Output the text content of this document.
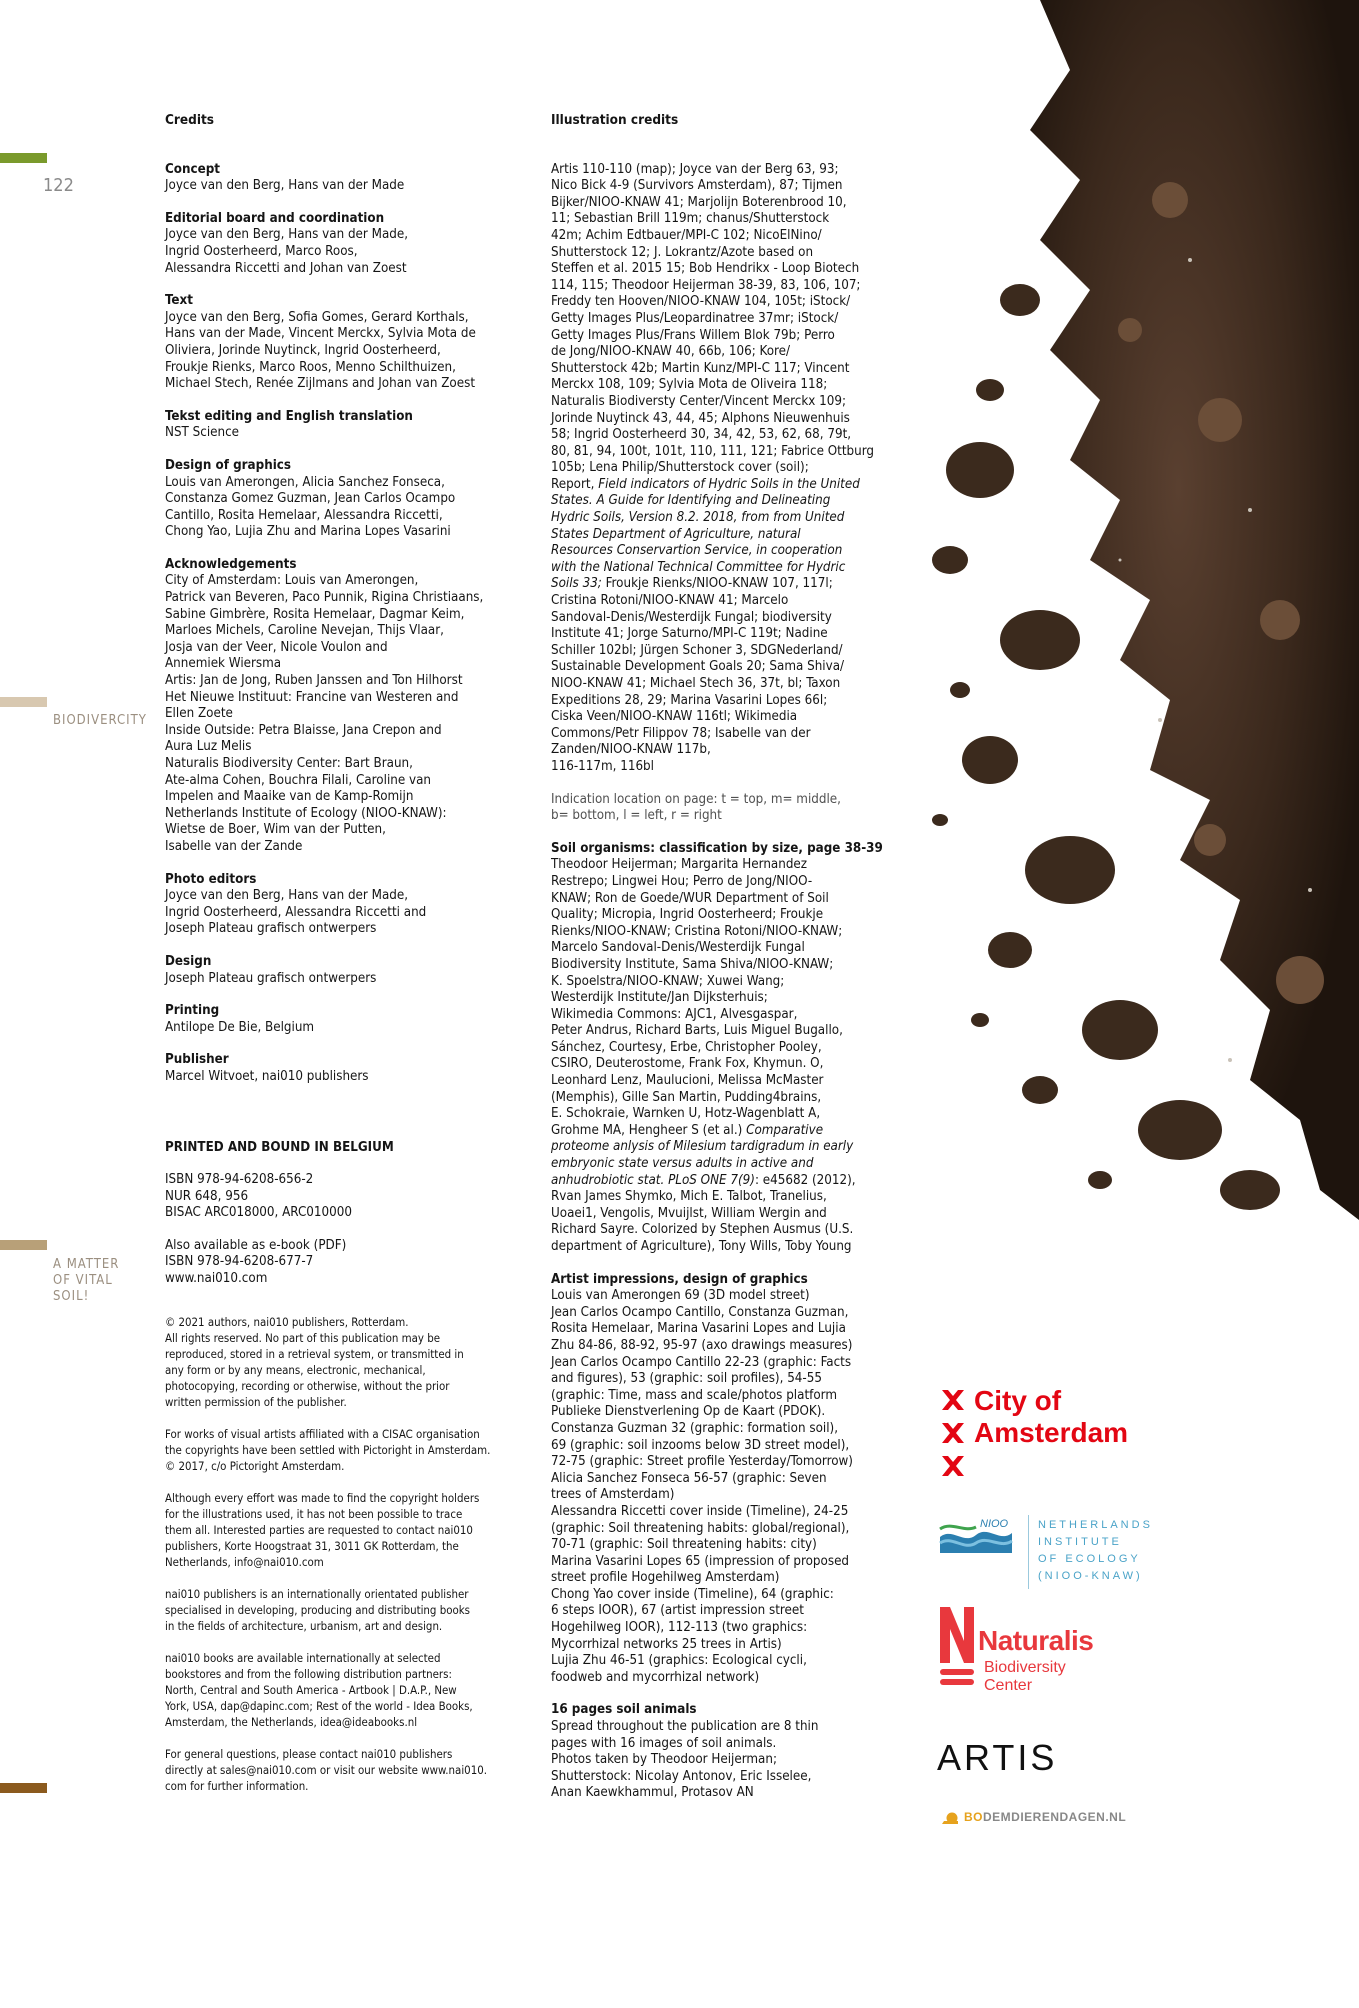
122
BIODIVERCITY
A MATTER
OF VITAL
SOIL!
Credits
Concept

Joyce van den Berg, Hans van der Made

Editorial board and coordination

Joyce van den Berg, Hans van der Made,
Ingrid Oosterheerd, Marco Roos,
Alessandra Riccetti and Johan van Zoest

Text

Joyce van den Berg, Sofia Gomes, Gerard Korthals,
Hans van der Made, Vincent Merckx, Sylvia Mota de
Oliviera, Jorinde Nuytinck, Ingrid Oosterheerd,
Froukje Rienks, Marco Roos, Menno Schilthuizen,
Michael Stech, Renée Zijlmans and Johan van Zoest

Tekst editing and English translation

NST Science

Design of graphics

Louis van Amerongen, Alicia Sanchez Fonseca,
Constanza Gomez Guzman, Jean Carlos Ocampo
Cantillo, Rosita Hemelaar, Alessandra Riccetti,
Chong Yao, Lujia Zhu and Marina Lopes Vasarini

Acknowledgements

City of Amsterdam: Louis van Amerongen,
Patrick van Beveren, Paco Punnik, Rigina Christiaans,
Sabine Gimbrère, Rosita Hemelaar, Dagmar Keim,
Marloes Michels, Caroline Nevejan, Thijs Vlaar,
Josja van der Veer, Nicole Voulon and
Annemiek Wiersma
Artis: Jan de Jong, Ruben Janssen and Ton Hilhorst
Het Nieuwe Instituut: Francine van Westeren and
Ellen Zoete
Inside Outside: Petra Blaisse, Jana Crepon and
Aura Luz Melis
Naturalis Biodiversity Center: Bart Braun,
Ate-alma Cohen, Bouchra Filali, Caroline van
Impelen and Maaike van de Kamp-Romijn
Netherlands Institute of Ecology (NIOO-KNAW):
Wietse de Boer, Wim van der Putten,
Isabelle van der Zande

Photo editors

Joyce van den Berg, Hans van der Made,
Ingrid Oosterheerd, Alessandra Riccetti and
Joseph Plateau grafisch ontwerpers

Design

Joseph Plateau grafisch ontwerpers

Printing

Antilope De Bie, Belgium

Publisher

Marcel Witvoet, nai010 publishers

PRINTED AND BOUND IN BELGIUM
ISBN 978-94-6208-656-2
NUR 648, 956
BISAC ARC018000, ARC010000
Also available as e-book (PDF)
ISBN 978-94-6208-677-7
www.nai010.com
© 2021 authors, nai010 publishers, Rotterdam.
All rights reserved. No part of this publication may be
reproduced, stored in a retrieval system, or transmitted in
any form or by any means, electronic, mechanical,
photocopying, recording or otherwise, without the prior
written permission of the publisher.
For works of visual artists affiliated with a CISAC organisation
the copyrights have been settled with Pictoright in Amsterdam.
© 2017, c/o Pictoright Amsterdam.
Although every effort was made to find the copyright holders
for the illustrations used, it has not been possible to trace
them all. Interested parties are requested to contact nai010
publishers, Korte Hoogstraat 31, 3011 GK Rotterdam, the
Netherlands, info@nai010.com
nai010 publishers is an internationally orientated publisher
specialised in developing, producing and distributing books
in the fields of architecture, urbanism, art and design.
nai010 books are available internationally at selected
bookstores and from the following distribution partners:
North, Central and South America - Artbook | D.A.P., New
York, USA, dap@dapinc.com; Rest of the world - Idea Books,
Amsterdam, the Netherlands, idea@ideabooks.nl
For general questions, please contact nai010 publishers
directly at sales@nai010.com or visit our website www.nai010.
com for further information.
Illustration credits

Artis 110-110 (map); Joyce van der Berg 63, 93;
Nico Bick 4-9 (Survivors Amsterdam), 87; Tijmen
Bijker/NIOO-KNAW 41; Marjolijn Boterenbrood 10,
11; Sebastian Brill 119m; chanus/Shutterstock
42m; Achim Edtbauer/MPI-C 102; NicoElNino/
Shutterstock 12; J. Lokrantz/Azote based on
Steffen et al. 2015 15; Bob Hendrikx - Loop Biotech
114, 115; Theodoor Heijerman 38-39, 83, 106, 107;
Freddy ten Hooven/NIOO-KNAW 104, 105t; iStock/
Getty Images Plus/Leopardinatree 37mr; iStock/
Getty Images Plus/Frans Willem Blok 79b; Perro
de Jong/NIOO-KNAW 40, 66b, 106; Kore/
Shutterstock 42b; Martin Kunz/MPI-C 117; Vincent
Merckx 108, 109; Sylvia Mota de Oliveira 118;
Naturalis Biodiversty Center/Vincent Merckx 109;
Jorinde Nuytinck 43, 44, 45; Alphons Nieuwenhuis
58; Ingrid Oosterheerd 30, 34, 42, 53, 62, 68, 79t,
80, 81, 94, 100t, 101t, 110, 111, 121; Fabrice Ottburg
105b; Lena Philip/Shutterstock cover (soil);
Report, Field indicators of Hydric Soils in the United
States. A Guide for Identifying and Delineating
Hydric Soils, Version 8.2. 2018, from from United
States Department of Agriculture, natural
Resources Conservartion Service, in cooperation
with the National Technical Committee for Hydric
Soils 33; Froukje Rienks/NIOO-KNAW 107, 117l;
Cristina Rotoni/NIOO-KNAW 41; Marcelo
Sandoval-Denis/Westerdijk Fungal; biodiversity
Institute 41; Jorge Saturno/MPI-C 119t; Nadine
Schiller 102bl; Jürgen Schoner 3, SDGNederland/
Sustainable Development Goals 20; Sama Shiva/
NIOO-KNAW 41; Michael Stech 36, 37t, bl; Taxon
Expeditions 28, 29; Marina Vasarini Lopes 66l;
Ciska Veen/NIOO-KNAW 116tl; Wikimedia
Commons/Petr Filippov 78; Isabelle van der
Zanden/NIOO-KNAW 117b,
116-117m, 116bl

Indication location on page: t = top, m= middle,
b= bottom, l = left, r = right
Soil organisms: classification by size, page 38-39

Theodoor Heijerman; Margarita Hernandez
Restrepo; Lingwei Hou; Perro de Jong/NIOO-
KNAW; Ron de Goede/WUR Department of Soil
Quality; Micropia, Ingrid Oosterheerd; Froukje
Rienks/NIOO-KNAW; Cristina Rotoni/NIOO-KNAW;
Marcelo Sandoval-Denis/Westerdijk Fungal
Biodiversity Institute, Sama Shiva/NIOO-KNAW;
K. Spoelstra/NIOO-KNAW; Xuwei Wang;
Westerdijk Institute/Jan Dijksterhuis;
Wikimedia Commons: AJC1, Alvesgaspar,
Peter Andrus, Richard Barts, Luis Miguel Bugallo,
Sánchez, Courtesy, Erbe, Christopher Pooley,
CSIRO, Deuterostome, Frank Fox, Khymun. O,
Leonhard Lenz, Maulucioni, Melissa McMaster
(Memphis), Gille San Martin, Pudding4brains,
E. Schokraie, Warnken U, Hotz-Wagenblatt A,
Grohme MA, Hengheer S (et al.) Comparative
proteome anlysis of Milesium tardigradum in early
embryonic state versus adults in active and
anhudrobiotic stat. PLoS ONE 7(9): e45682 (2012),
Rvan James Shymko, Mich E. Talbot, Tranelius,
Uoaei1, Vengolis, Mvuijlst, William Wergin and
Richard Sayre. Colorized by Stephen Ausmus (U.S.
department of Agriculture), Tony Wills, Toby Young

Artist impressions, design of graphics

Louis van Amerongen 69 (3D model street)
Jean Carlos Ocampo Cantillo, Constanza Guzman,
Rosita Hemelaar, Marina Vasarini Lopes and Lujia
Zhu 84-86, 88-92, 95-97 (axo drawings measures)
Jean Carlos Ocampo Cantillo 22-23 (graphic: Facts
and figures), 53 (graphic: soil profiles), 54-55
(graphic: Time, mass and scale/photos platform
Publieke Dienstverlening Op de Kaart (PDOK).
Constanza Guzman 32 (graphic: formation soil),
69 (graphic: soil inzooms below 3D street model),
72-75 (graphic: Street profile Yesterday/Tomorrow)
Alicia Sanchez Fonseca 56-57 (graphic: Seven
trees of Amsterdam)
Alessandra Riccetti cover inside (Timeline), 24-25
(graphic: Soil threatening habits: global/regional),
70-71 (graphic: Soil threatening habits: city)
Marina Vasarini Lopes 65 (impression of proposed
street profile Hogehilweg Amsterdam)
Chong Yao cover inside (Timeline), 64 (graphic:
6 steps IOOR), 67 (artist impression street
Hogehilweg IOOR), 112-113 (two graphics:
Mycorrhizal networks 25 trees in Artis)
Lujia Zhu 46-51 (graphics: Ecological cycli,
foodweb and mycorrhizal network)

16 pages soil animals

Spread throughout the publication are 8 thin
pages with 16 images of soil animals.
Photos taken by Theodoor Heijerman;
Shutterstock: Nicolay Antonov, Eric Isselee,
Anan Kaewkhammul, Protasov AN

City of
Amsterdam
NIOO	NETHERLANDS
INSTITUTE
OF ECOLOGY
(NIOO-KNAW)
Naturalis
Biodiversity
Center
ARTIS
BODEMDIERENDAGEN.NL
